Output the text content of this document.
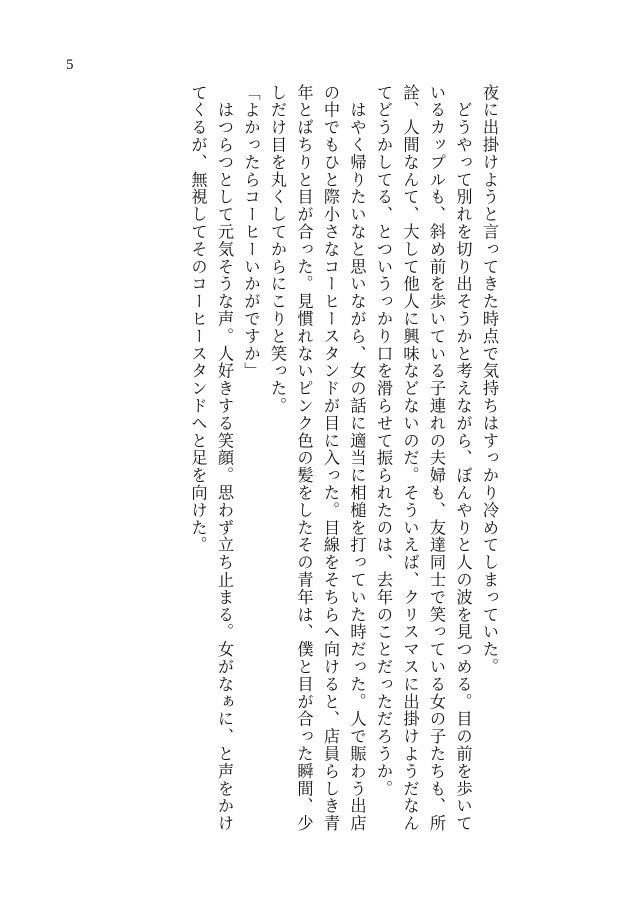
5

夜に出掛けようと言ってきた時点で気持ちはすっかり冷めてしまっていた。

　どうやって別れを切り出そうかと考えながら、ぼんやりと人の波を見つめる。目の前を歩いているカップルも、斜め前を歩いている子連れの夫婦も、友達同士で笑っている女の子たちも、所詮、人間なんて、大して他人に興味などないのだ。そういえば、クリスマスに出掛けようだなんてどうかしてる、とついうっかり口を滑らせて振られたのは、去年のことだっただろうか。

　はやく帰りたいなと思いながら、女の話に適当に相槌を打っていた時だった。人で賑わう出店の中でもひと際小さなコーヒースタンドが目に入った。目線をそちらへ向けると、店員らしき青年とばちりと目が合った。見慣れないピンク色の髪をしたその青年は、僕と目が合った瞬間、少しだけ目を丸くしてからにこりと笑った。

「よかったらコーヒーいかがですか」

　はつらつとして元気そうな声。人好きする笑顔。思わず立ち止まる。女がなぁに、と声をかけてくるが、無視してそのコーヒースタンドへと足を向けた。
